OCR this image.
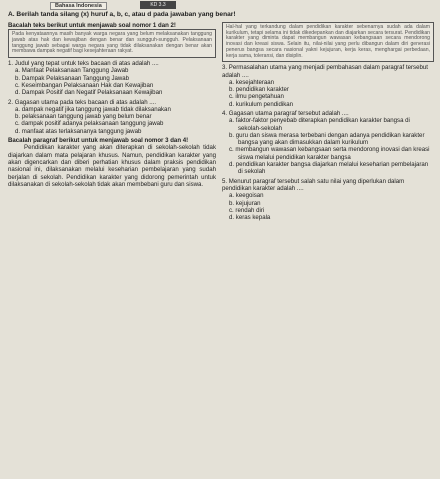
Bahasa Indonesia	KD 3.3
A. Berilah tanda silang (x) huruf a, b, c, atau d pada jawaban yang benar!
Bacalah teks berikut untuk menjawab soal nomor 1 dan 2!
Pada kenyataannya masih banyak warga negara yang belum melaksanakan tanggung jawab atas hak dan kewajiban dengan benar dan sungguh-sungguh. Pelaksanaan tanggung jawab sebagai warga negara yang tidak dilaksanakan dengan benar akan membawa dampak negatif bagi kesejahteraan rakyat.
1. Judul yang tepat untuk teks bacaan di atas adalah ....
a. Manfaat Pelaksanaan Tanggung Jawab
b. Dampak Pelaksanaan Tanggung Jawab
c. Keseimbangan Pelaksanaan Hak dan Kewajiban
d. Dampak Positif dan Negatif Pelaksanaan Kewajiban
2. Gagasan utama pada teks bacaan di atas adalah ....
a. dampak negatif jika tanggung jawab tidak dilaksanakan
b. pelaksanaan tanggung jawab yang belum benar
c. dampak positif adanya pelaksanaan tanggung jawab
d. manfaat atas terlaksananya tanggung jawab
Bacalah paragraf berikut untuk menjawab soal nomor 3 dan 4!
Pendidikan karakter yang akan diterapkan di sekolah-sekolah tidak diajarkan dalam mata pelajaran khusus. Namun, pendidikan karakter yang akan digencarkan dan diberi perhatian khusus dalam praksis pendidikan nasional ini, dilaksanakan melalui keseharian pembelajaran yang sudah berjalan di sekolah. Pendidikan karakter yang didorong pemerintah untuk dilaksanakan di sekolah-sekolah tidak akan membebani guru dan siswa.
Hal-hal yang terkandung dalam pendidikan karakter sebenarnya sudah ada dalam kurikulum, tetapi selama ini tidak dikedepankan dan diajarkan secara tersurat. Pendidikan karakter yang diminta dapat membangun wawasan kebangsaan secara mendorong inovasi dan kreasi siswa. Selain itu, nilai-nilai yang perlu dibangun dalam diri generasi penerus bangsa secara nasional yakni kejujuran, kerja keras, menghargai perbedaan, kerja sama, toleransi, dan disiplin.
3. Permasalahan utama yang menjadi pembahasan dalam paragraf tersebut adalah ....
a. kesejahteraan
b. pendidikan karakter
c. ilmu pengetahuan
d. kurikulum pendidikan
4. Gagasan utama paragraf tersebut adalah ....
a. faktor-faktor penyebab diterapkan pendidikan karakter bangsa di sekolah-sekolah
b. guru dan siswa merasa terbebani dengan adanya pendidikan karakter bangsa yang akan dimasukkan dalam kurikulum
c. membangun wawasan kebangsaan serta mendorong inovasi dan kreasi siswa melalui pendidikan karakter bangsa
d. pendidikan karakter bangsa diajarkan melalui keseharian pembelajaran di sekolah
5. Menurut paragraf tersebut salah satu nilai yang diperlukan dalam pendidikan karakter adalah ....
a. keegoisan
b. kejujuran
c. rendah diri
d. keras kepala
